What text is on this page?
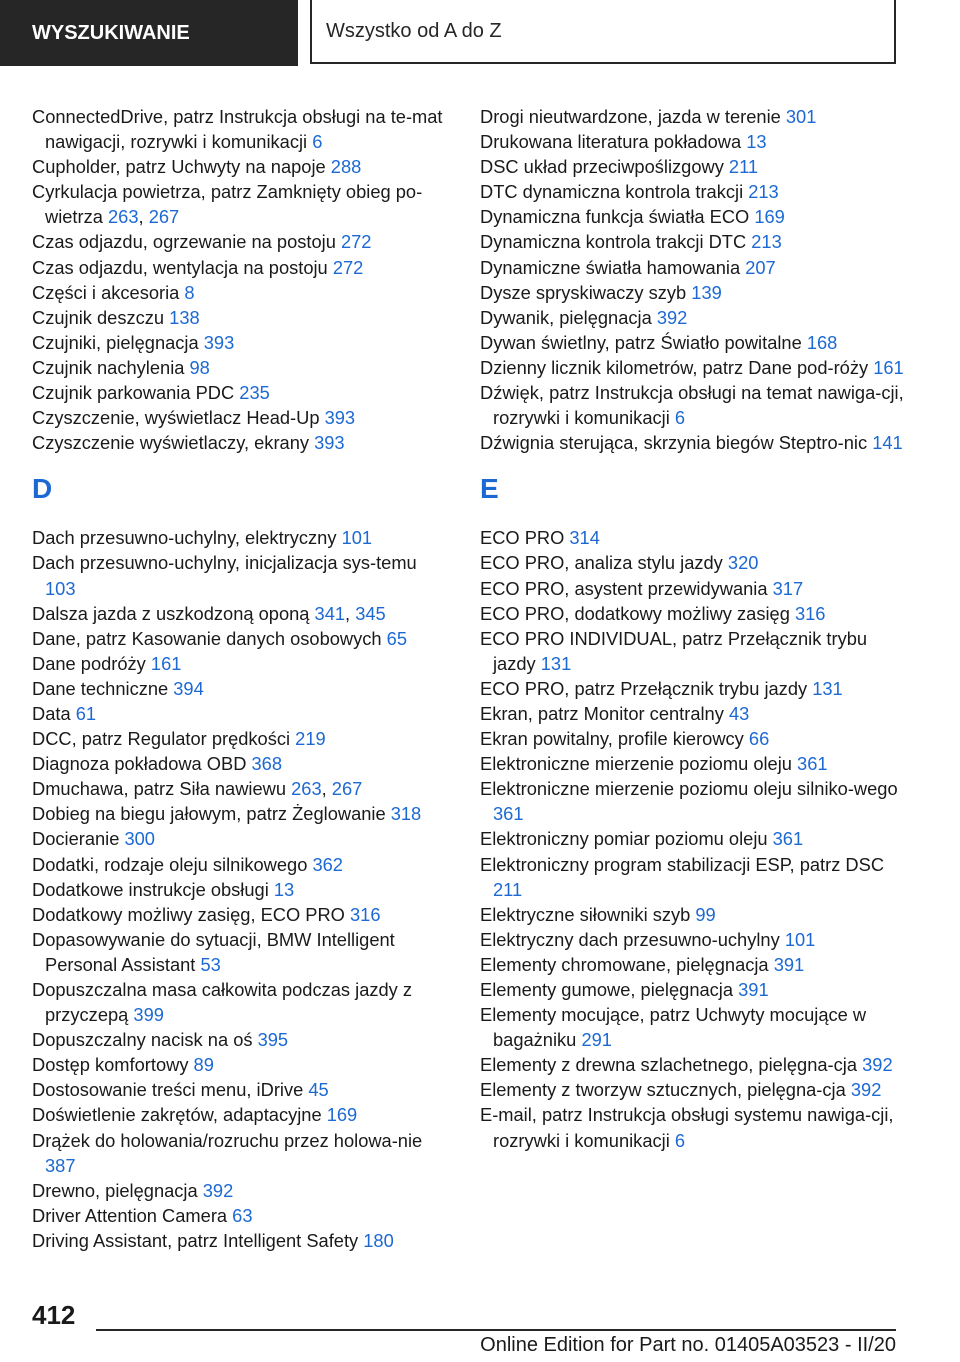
WYSZUKIWANIE	Wszystko od A do Z
ConnectedDrive, patrz Instrukcja obsługi na te‐mat nawigacji, rozrywki i komunikacji 6
Cupholder, patrz Uchwyty na napoje 288
Cyrkulacja powietrza, patrz Zamknięty obieg po‐wietrza 263, 267
Czas odjazdu, ogrzewanie na postoju 272
Czas odjazdu, wentylacja na postoju 272
Części i akcesoria 8
Czujnik deszczu 138
Czujniki, pielęgnacja 393
Czujnik nachylenia 98
Czujnik parkowania PDC 235
Czyszczenie, wyświetlacz Head-Up 393
Czyszczenie wyświetlaczy, ekrany 393
D
Dach przesuwno-uchylny, elektryczny 101
Dach przesuwno-uchylny, inicjalizacja sys‐temu 103
Dalsza jazda z uszkodzoną oponą 341, 345
Dane, patrz Kasowanie danych osobowych 65
Dane podróży 161
Dane techniczne 394
Data 61
DCC, patrz Regulator prędkości 219
Diagnoza pokładowa OBD 368
Dmuchawa, patrz Siła nawiewu 263, 267
Dobieg na biegu jałowym, patrz Żeglowanie 318
Docieranie 300
Dodatki, rodzaje oleju silnikowego 362
Dodatkowe instrukcje obsługi 13
Dodatkowy możliwy zasięg, ECO PRO 316
Dopasowywanie do sytuacji, BMW Intelligent Personal Assistant 53
Dopuszczalna masa całkowita podczas jazdy z przyczepą 399
Dopuszczalny nacisk na oś 395
Dostęp komfortowy 89
Dostosowanie treści menu, iDrive 45
Doświetlenie zakrętów, adaptacyjne 169
Drążek do holowania/rozruchu przez holowa‐nie 387
Drewno, pielęgnacja 392
Driver Attention Camera 63
Driving Assistant, patrz Intelligent Safety 180
Drogi nieutwardzone, jazda w terenie 301
Drukowana literatura pokładowa 13
DSC układ przeciwpoślizgowy 211
DTC dynamiczna kontrola trakcji 213
Dynamiczna funkcja światła ECO 169
Dynamiczna kontrola trakcji DTC 213
Dynamiczne światła hamowania 207
Dysze spryskiwaczy szyb 139
Dywanik, pielęgnacja 392
Dywan świetlny, patrz Światło powitalne 168
Dzienny licznik kilometrów, patrz Dane pod‐róży 161
Dźwięk, patrz Instrukcja obsługi na temat nawiga‐cji, rozrywki i komunikacji 6
Dźwignia sterująca, skrzynia biegów Steptro‐nic 141
E
ECO PRO 314
ECO PRO, analiza stylu jazdy 320
ECO PRO, asystent przewidywania 317
ECO PRO, dodatkowy możliwy zasięg 316
ECO PRO INDIVIDUAL, patrz Przełącznik trybu jazdy 131
ECO PRO, patrz Przełącznik trybu jazdy 131
Ekran, patrz Monitor centralny 43
Ekran powitalny, profile kierowcy 66
Elektroniczne mierzenie poziomu oleju 361
Elektroniczne mierzenie poziomu oleju silniko‐wego 361
Elektroniczny pomiar poziomu oleju 361
Elektroniczny program stabilizacji ESP, patrz DSC 211
Elektryczne siłowniki szyb 99
Elektryczny dach przesuwno-uchylny 101
Elementy chromowane, pielęgnacja 391
Elementy gumowe, pielęgnacja 391
Elementy mocujące, patrz Uchwyty mocujące w bagażniku 291
Elementy z drewna szlachetnego, pielęgna‐cja 392
Elementy z tworzyw sztucznych, pielęgna‐cja 392
E-mail, patrz Instrukcja obsługi systemu nawiga‐cji, rozrywki i komunikacji 6
412
Online Edition for Part no. 01405A03523 - II/20
